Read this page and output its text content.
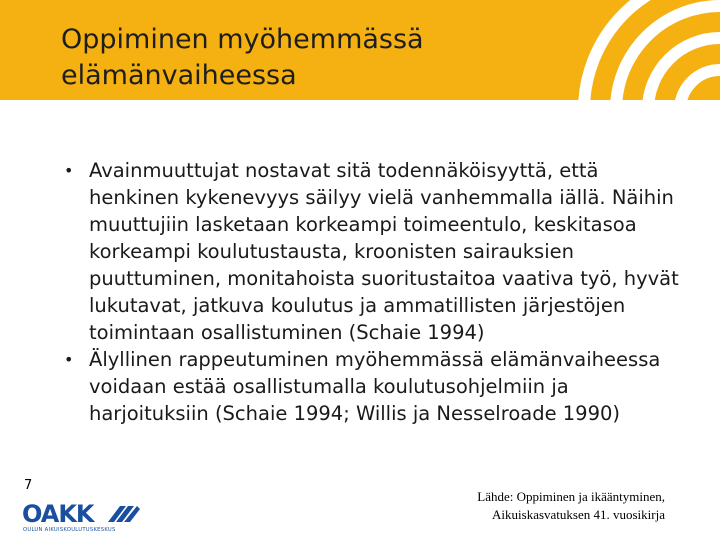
Oppiminen myöhemmässä
elämänvaiheessa
• Avainmuuttujat nostavat sitä todennäköisyyttä, että henkinen kykenevyys säilyy vielä vanhemmalla iällä. Näihin muuttujiin lasketaan korkeampi toimeentulo, keskitasoa korkeampi koulutustausta, kroonisten sairauksien puuttuminen, monitahoista suoritustaitoa vaativa työ, hyvät lukutavat, jatkuva koulutus ja ammatillisten järjestöjen toimintaan osallistuminen (Schaie 1994)
• Älyllinen rappeutuminen myöhemmässä elämänvaiheessa voidaan estää osallistumalla koulutusohjelmiin ja harjoituksiin (Schaie 1994; Willis ja Nesselroade 1990)
7
OAKK
OULUN AIKUISKOULUTUSKESKUS
Lähde: Oppiminen ja ikääntyminen,
Aikuiskasvatuksen 41. vuosikirja
